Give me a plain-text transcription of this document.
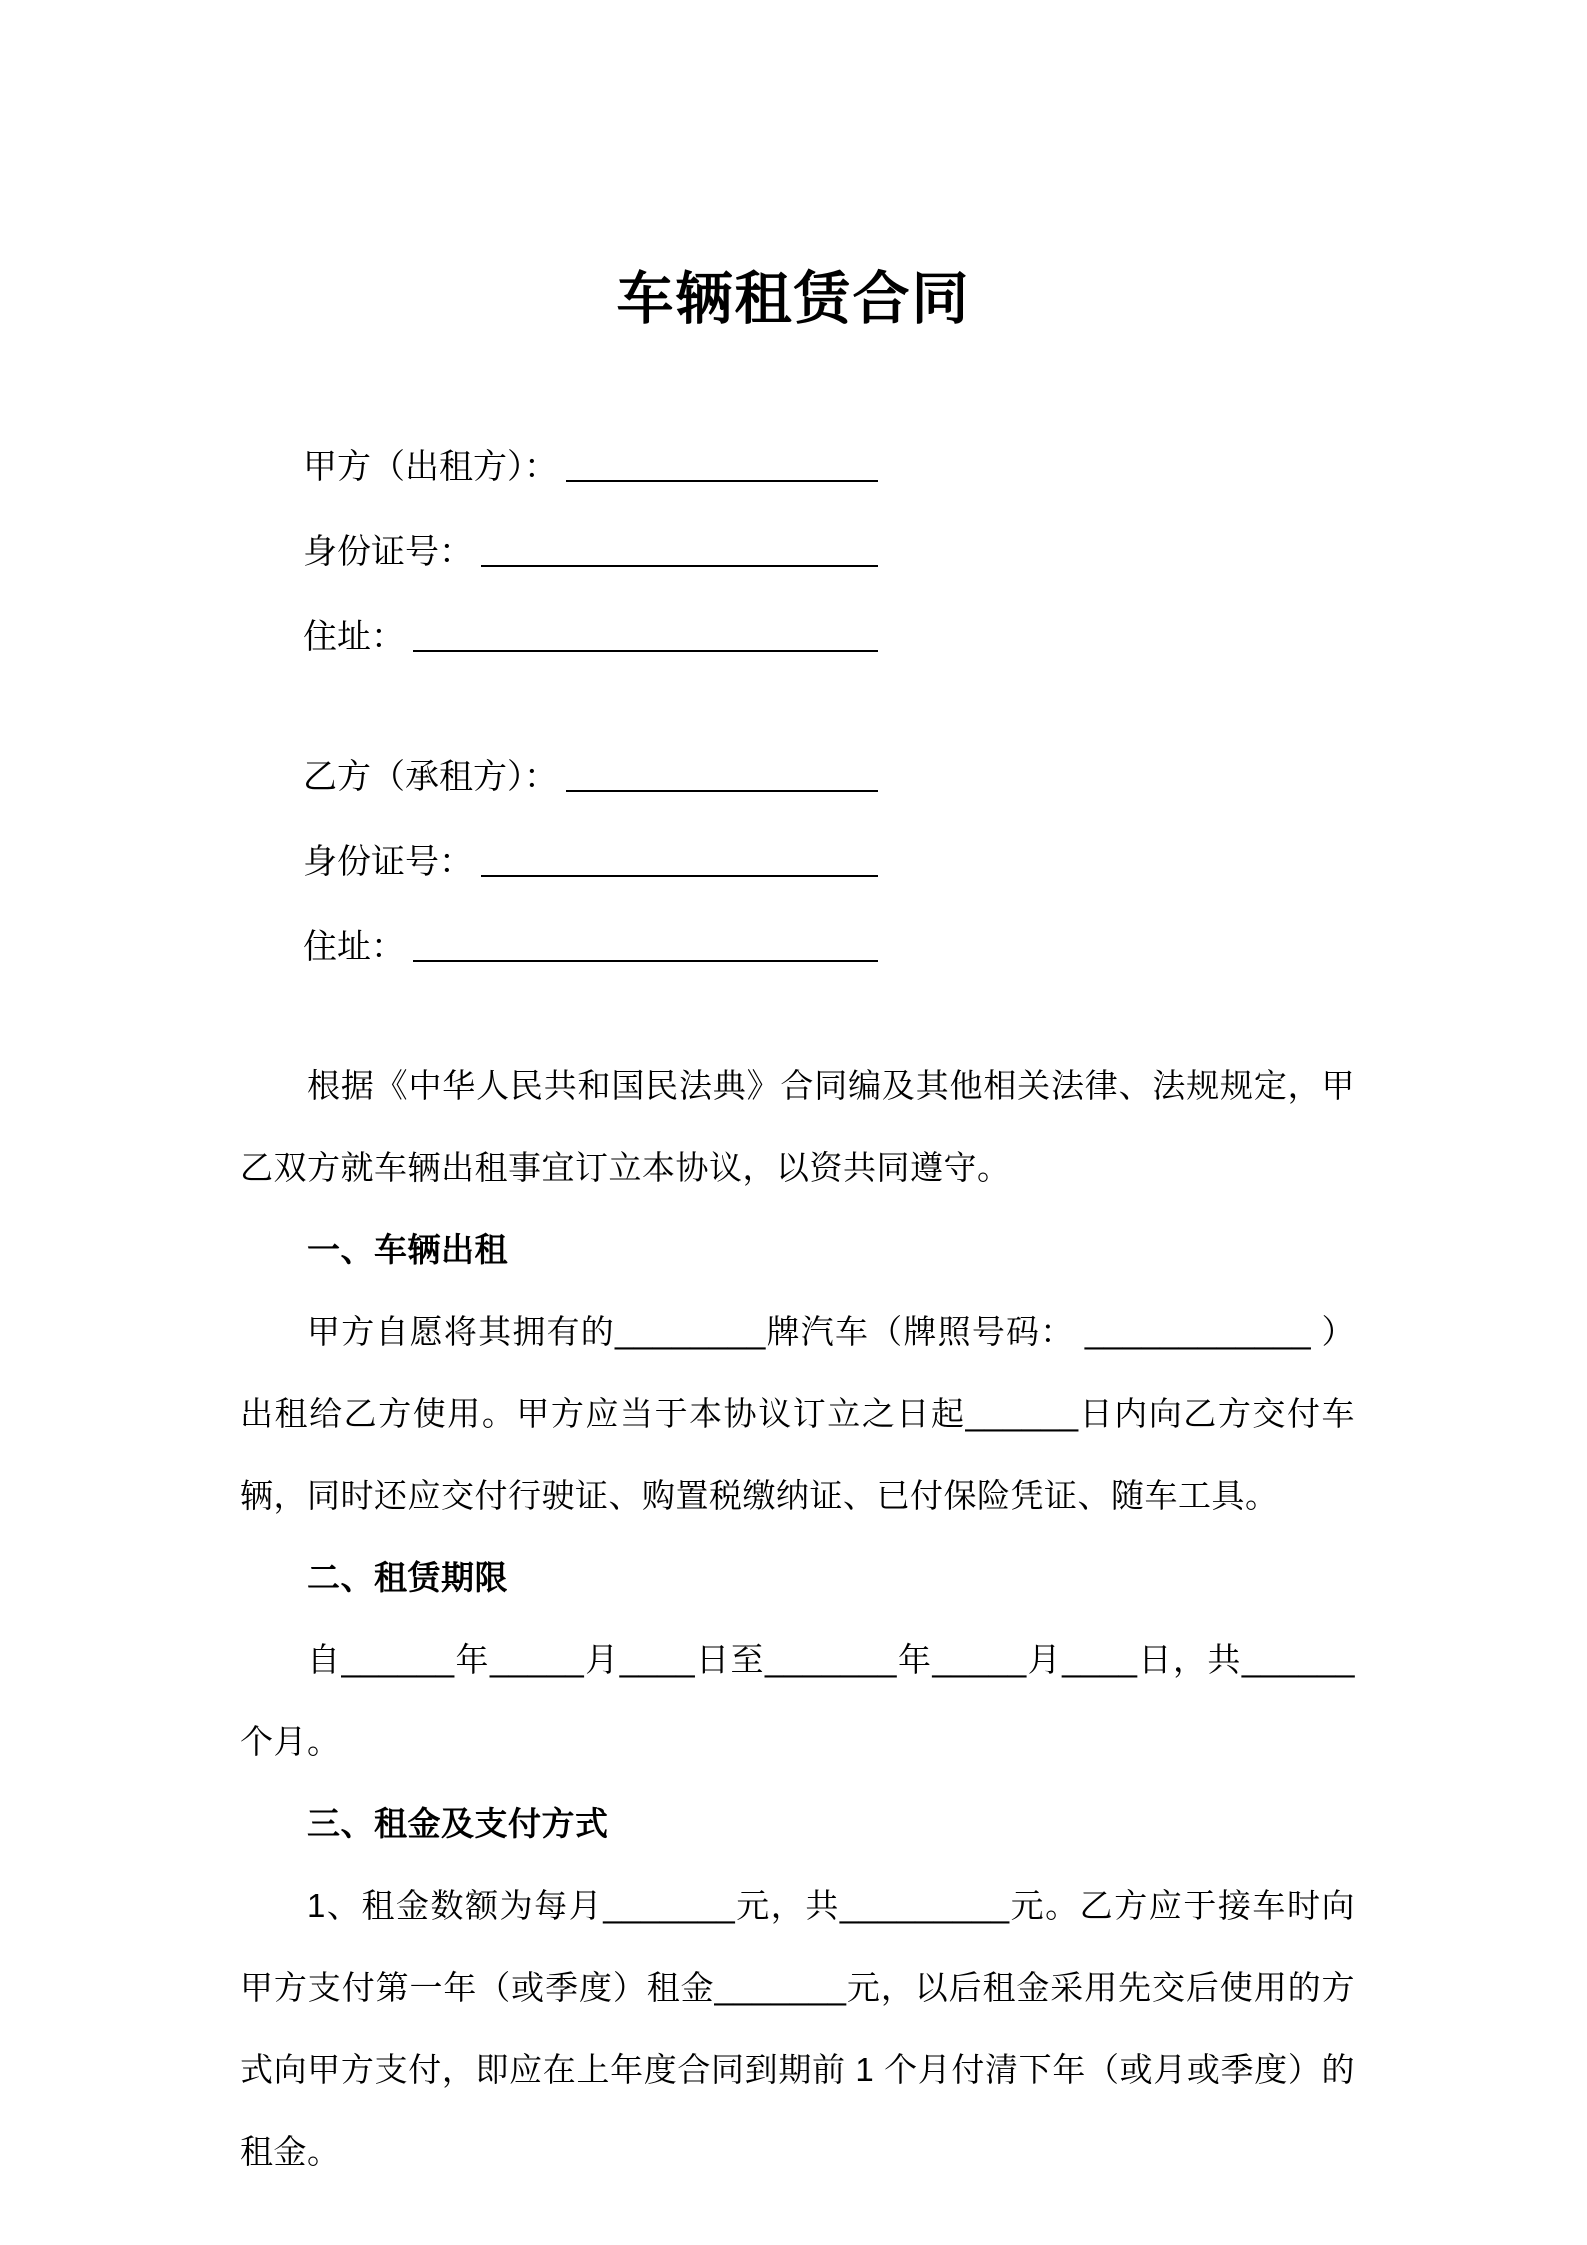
车辆租赁合同
甲方（出租方）：
身份证号：
住址：
乙方（承租方）：
身份证号：
住址：

根据《中华人民共和国民法典》合同编及其他相关法律、法规规定，甲乙双方就车辆出租事宜订立本协议，以资共同遵守。

一、车辆出租

甲方自愿将其拥有的________牌汽车（牌照号码： ____________ ）出租给乙方使用。甲方应当于本协议订立之日起______日内向乙方交付车辆，同时还应交付行驶证、购置税缴纳证、已付保险凭证、随车工具。

二、租赁期限

自______年_____月____日至_______年_____月____日，共______个月。

三、租金及支付方式

1、租金数额为每月_______元，共_________元。乙方应于接车时向甲方支付第一年（或季度）租金_______元，以后租金采用先交后使用的方式向甲方支付，即应在上年度合同到期前 1 个月付清下年（或月或季度）的租金。
